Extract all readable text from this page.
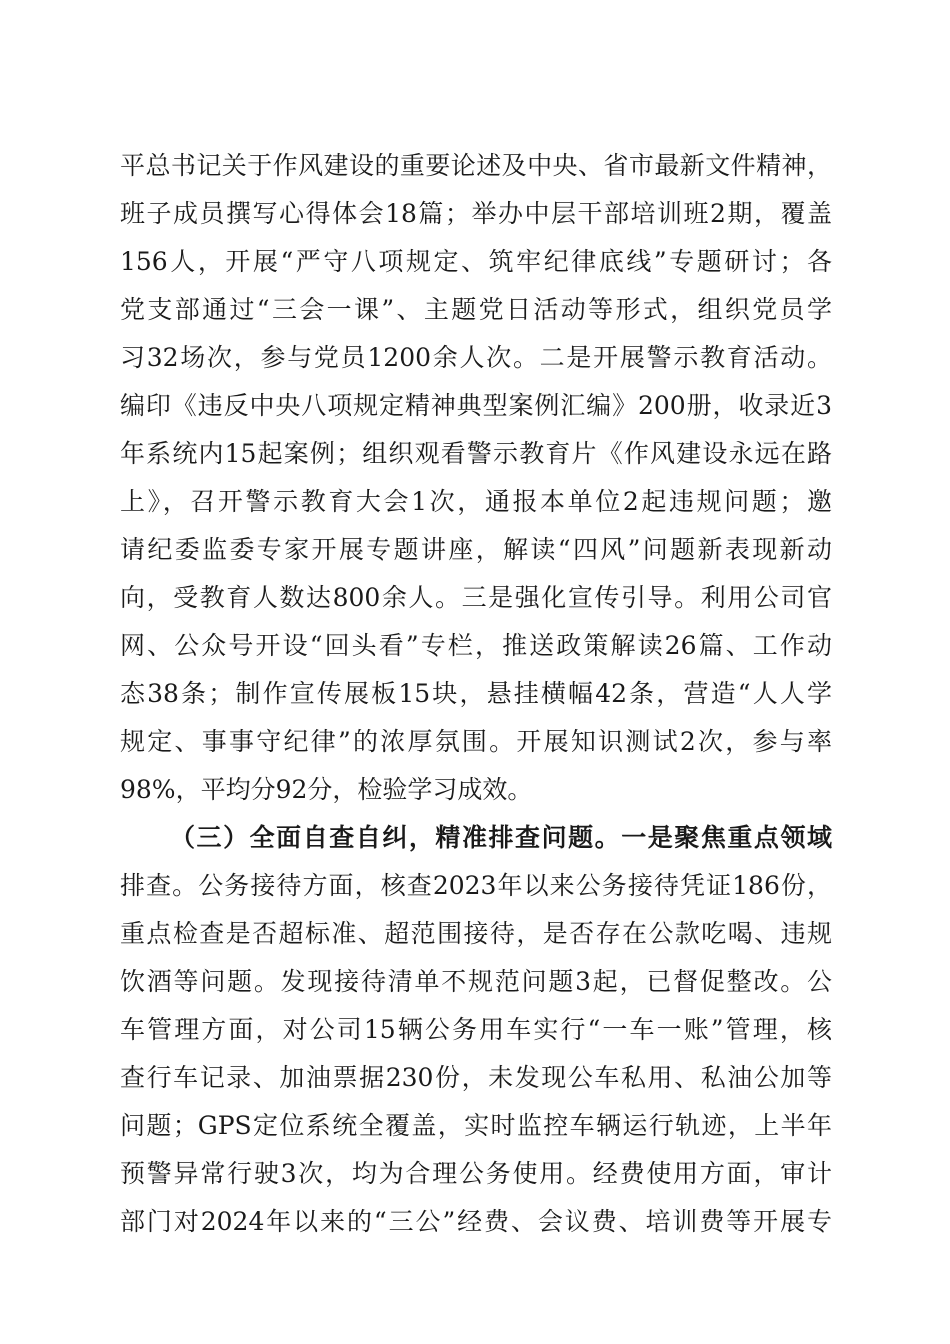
平总书记关于作风建设的重要论述及中央、省市最新文件精神，
班子成员撰写心得体会18篇；举办中层干部培训班2期，覆盖
156人，开展“严守八项规定、筑牢纪律底线”专题研讨；各
党支部通过“三会一课”、主题党日活动等形式，组织党员学
习32场次，参与党员1200余人次。二是开展警示教育活动。
编印《违反中央八项规定精神典型案例汇编》200册，收录近3
年系统内15起案例；组织观看警示教育片《作风建设永远在路
上》，召开警示教育大会1次，通报本单位2起违规问题；邀
请纪委监委专家开展专题讲座，解读“四风”问题新表现新动
向，受教育人数达800余人。三是强化宣传引导。利用公司官
网、公众号开设“回头看”专栏，推送政策解读26篇、工作动
态38条；制作宣传展板15块，悬挂横幅42条，营造“人人学
规定、事事守纪律”的浓厚氛围。开展知识测试2次，参与率
98%，平均分92分，检验学习成效。
（三）全面自查自纠，精准排查问题。一是聚焦重点领域
排查。公务接待方面，核查2023年以来公务接待凭证186份，
重点检查是否超标准、超范围接待，是否存在公款吃喝、违规
饮酒等问题。发现接待清单不规范问题3起，已督促整改。公
车管理方面，对公司15辆公务用车实行“一车一账”管理，核
查行车记录、加油票据230份，未发现公车私用、私油公加等
问题；GPS定位系统全覆盖，实时监控车辆运行轨迹，上半年
预警异常行驶3次，均为合理公务使用。经费使用方面，审计
部门对2024年以来的“三公”经费、会议费、培训费等开展专
